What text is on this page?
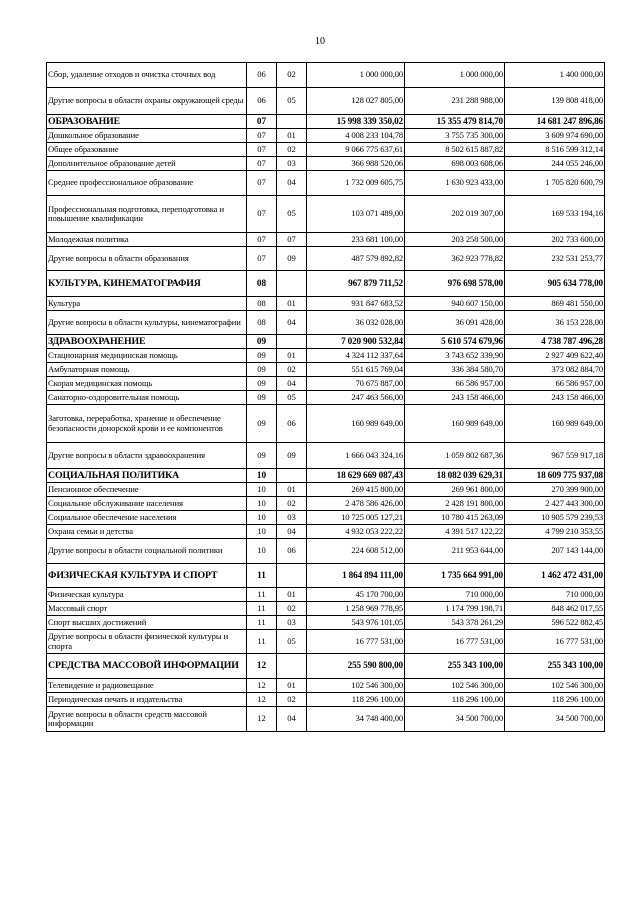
10
Сбор, удаление отходов и очистка сточных вод	06	02	1 000 000,00	1 000 000,00	1 400 000,00
Другие вопросы в области охраны окружающей среды	06	05	128 027 805,00	231 288 988,00	139 808 418,00
ОБРАЗОВАНИЕ	07		15 998 339 350,02	15 355 479 814,70	14 681 247 896,86
Дошкольное образование	07	01	4 008 233 104,78	3 755 735 300,00	3 609 974 690,00
Общее образование	07	02	9 066 775 637,61	8 502 615 887,82	8 516 599 312,14
Дополнительное образование детей	07	03	366 988 520,06	698 003 608,06	244 055 246,00
Среднее профессиональное образование	07	04	1 732 009 605,75	1 630 923 433,00	1 705 820 600,79
Профессиональная подготовка, переподготовка и повышение квалификации	07	05	103 071 489,00	202 019 307,00	169 533 194,16
Молодежная политика	07	07	233 681 100,00	203 258 500,00	202 733 600,00
Другие вопросы в области образования	07	09	487 579 892,82	362 923 778,82	232 531 253,77
КУЛЬТУРА, КИНЕМАТОГРАФИЯ	08		967 879 711,52	976 698 578,00	905 634 778,00
Культура	08	01	931 847 683,52	940 607 150,00	869 481 550,00
Другие вопросы в области культуры, кинематографии	08	04	36 032 028,00	36 091 428,00	36 153 228,00
ЗДРАВООХРАНЕНИЕ	09		7 020 900 532,84	5 610 574 679,96	4 738 787 496,28
Стационарная медицинская помощь	09	01	4 324 112 337,64	3 743 652 339,90	2 927 409 622,40
Амбулаторная помощь	09	02	551 615 769,04	336 384 580,70	373 082 884,70
Скорая медицинская помощь	09	04	70 675 887,00	66 586 957,00	66 586 957,00
Санаторно-оздоровительная помощь	09	05	247 463 566,00	243 158 466,00	243 158 466,00
Заготовка, переработка, хранение и обеспечение безопасности донорской крови и ее компонентов	09	06	160 989 649,00	160 989 649,00	160 989 649,00
Другие вопросы в области здравоохранения	09	09	1 666 043 324,16	1 059 802 687,36	967 559 917,18
СОЦИАЛЬНАЯ ПОЛИТИКА	10		18 629 669 087,43	18 082 039 629,31	18 609 775 937,08
Пенсионное обеспечение	10	01	269 415 800,00	269 961 800,00	270 399 900,00
Социальное обслуживание населения	10	02	2 478 586 426,00	2 428 191 800,00	2 427 443 300,00
Социальное обеспечение населения	10	03	10 725 005 127,21	10 780 415 263,09	10 905 579 239,53
Охрана семьи и детства	10	04	4 932 053 222,22	4 391 517 122,22	4 799 210 353,55
Другие вопросы в области социальной политики	10	06	224 608 512,00	211 953 644,00	207 143 144,00
ФИЗИЧЕСКАЯ КУЛЬТУРА И СПОРТ	11		1 864 894 111,00	1 735 664 991,00	1 462 472 431,00
Физическая культура	11	01	45 170 700,00	710 000,00	710 000,00
Массовый спорт	11	02	1 258 969 778,95	1 174 799 198,71	848 462 017,55
Спорт высших достижений	11	03	543 976 101,05	543 378 261,29	596 522 882,45
Другие вопросы в области физической культуры и спорта	11	05	16 777 531,00	16 777 531,00	16 777 531,00
СРЕДСТВА МАССОВОЙ ИНФОРМАЦИИ	12		255 590 800,00	255 343 100,00	255 343 100,00
Телевидение и радиовещание	12	01	102 546 300,00	102 546 300,00	102 546 300,00
Периодическая печать и издательства	12	02	118 296 100,00	118 296 100,00	118 296 100,00
Другие вопросы в области средств массовой информации	12	04	34 748 400,00	34 500 700,00	34 500 700,00
